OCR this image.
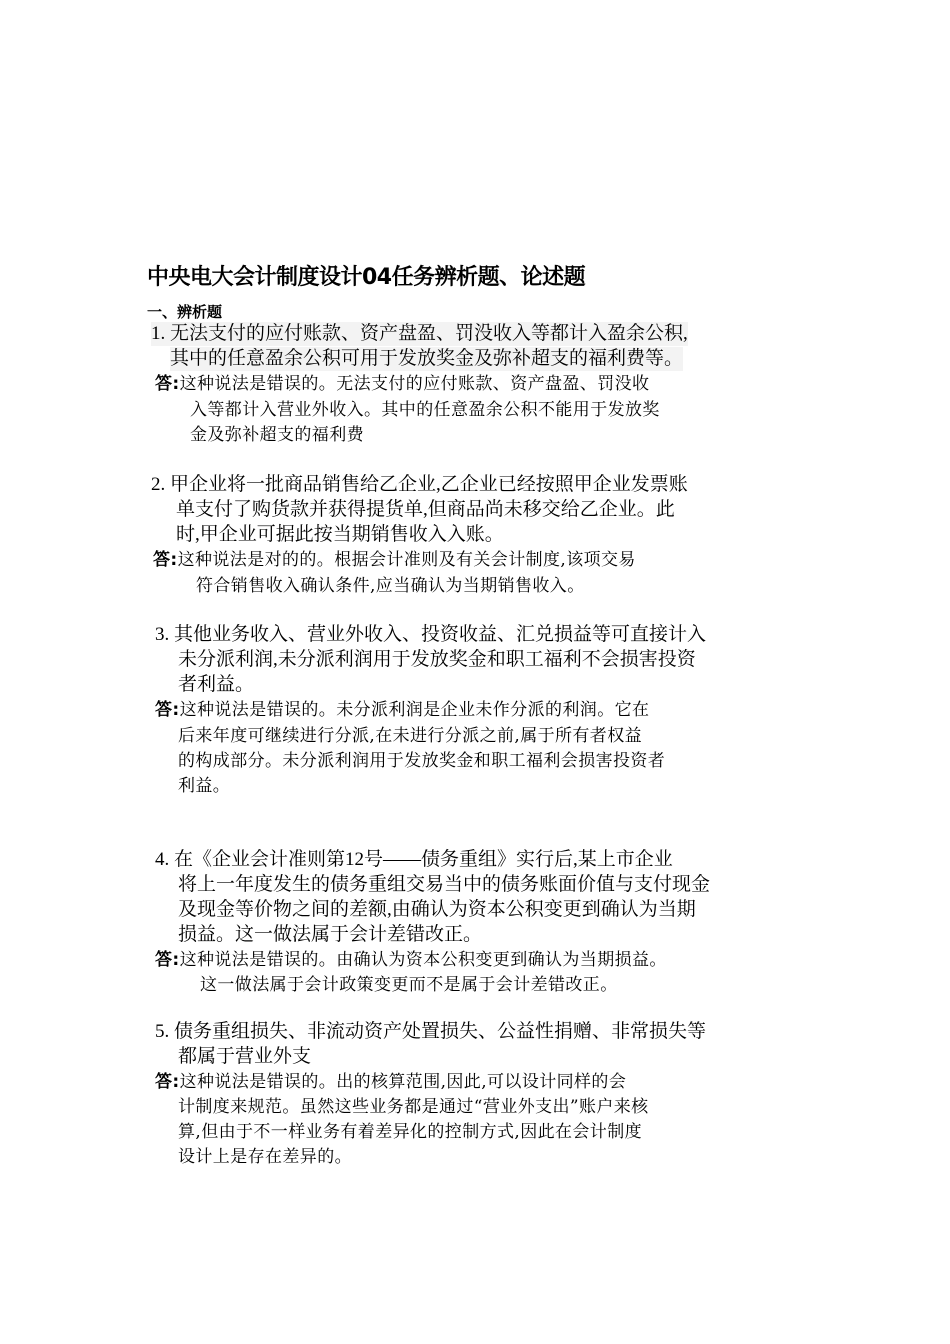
中央电大会计制度设计04任务辨析题、论述题
一、辨析题

1. 无法支付的应付账款、资产盘盈、罚没收入等都计入盈余公积,

其中的任意盈余公积可用于发放奖金及弥补超支的福利费等。

答:这种说法是错误的。无法支付的应付账款、资产盘盈、罚没收

入等都计入营业外收入。其中的任意盈余公积不能用于发放奖

金及弥补超支的福利费

2. 甲企业将一批商品销售给乙企业,乙企业已经按照甲企业发票账

单支付了购货款并获得提货单,但商品尚未移交给乙企业。此

时,甲企业可据此按当期销售收入入账。

答:这种说法是对的的。根据会计准则及有关会计制度,该项交易

符合销售收入确认条件,应当确认为当期销售收入。

3. 其他业务收入、营业外收入、投资收益、汇兑损益等可直接计入

未分派利润,未分派利润用于发放奖金和职工福利不会损害投资

者利益。

答:这种说法是错误的。未分派利润是企业未作分派的利润。它在

后来年度可继续进行分派,在未进行分派之前,属于所有者权益

的构成部分。未分派利润用于发放奖金和职工福利会损害投资者

利益。

4. 在《企业会计准则第12号——债务重组》实行后,某上市企业

将上一年度发生的债务重组交易当中的债务账面价值与支付现金

及现金等价物之间的差额,由确认为资本公积变更到确认为当期

损益。这一做法属于会计差错改正。

答:这种说法是错误的。由确认为资本公积变更到确认为当期损益。

这一做法属于会计政策变更而不是属于会计差错改正。

5. 债务重组损失、非流动资产处置损失、公益性捐赠、非常损失等

都属于营业外支

答:这种说法是错误的。出的核算范围,因此,可以设计同样的会

计制度来规范。虽然这些业务都是通过“营业外支出”账户来核

算,但由于不一样业务有着差异化的控制方式,因此在会计制度

设计上是存在差异的。
